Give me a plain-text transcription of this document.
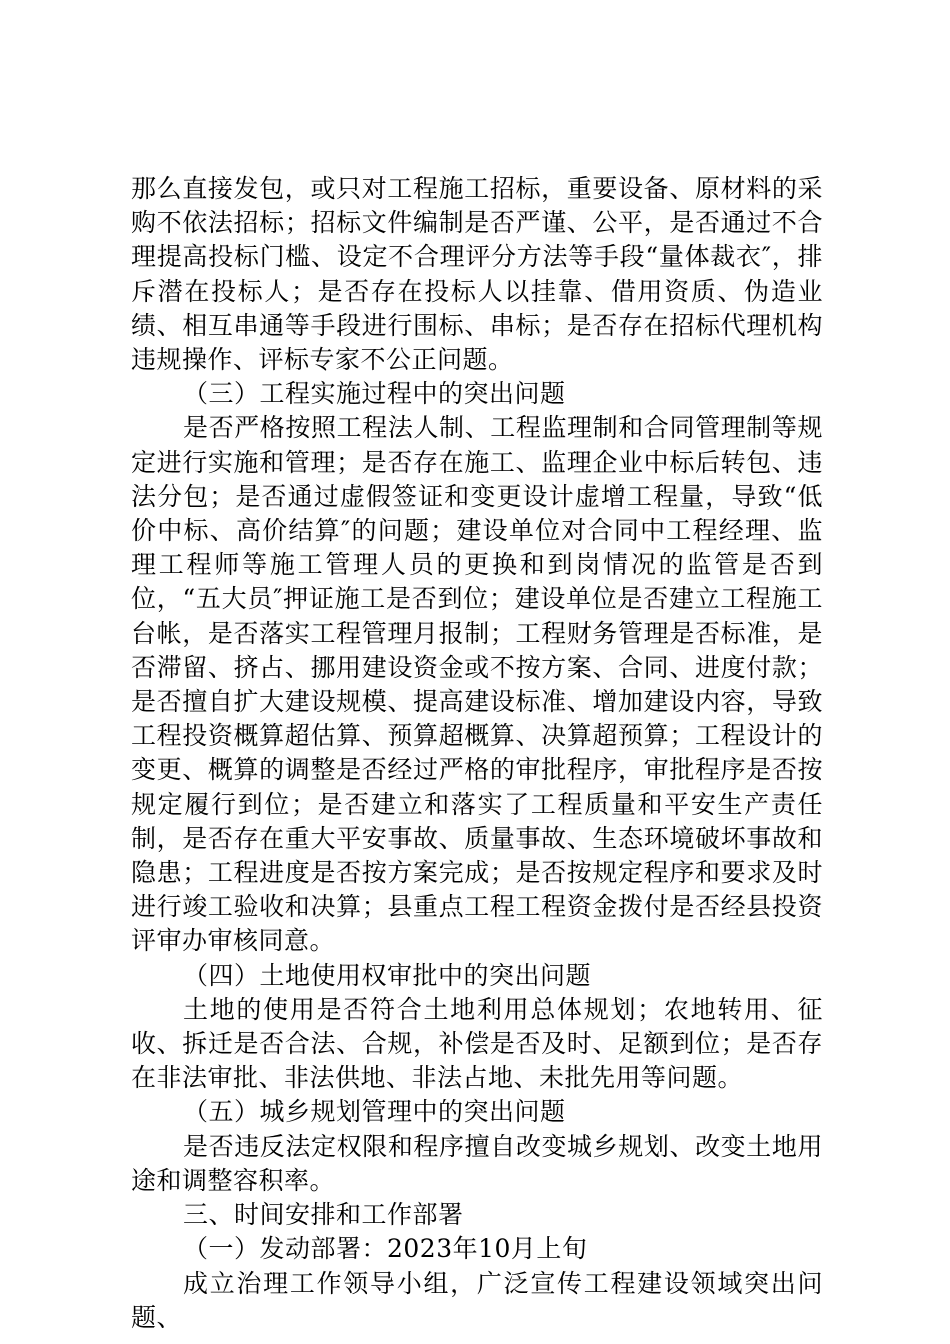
那么直接发包，或只对工程施工招标，重要设备、原材料的采购不依法招标；招标文件编制是否严谨、公平，是否通过不合理提高投标门槛、设定不合理评分方法等手段“量体裁衣″，排斥潜在投标人；是否存在投标人以挂靠、借用资质、伪造业绩、相互串通等手段进行围标、串标；是否存在招标代理机构违规操作、评标专家不公正问题。

（三）工程实施过程中的突出问题

是否严格按照工程法人制、工程监理制和合同管理制等规定进行实施和管理；是否存在施工、监理企业中标后转包、违法分包；是否通过虚假签证和变更设计虚增工程量，导致“低价中标、高价结算″的问题；建设单位对合同中工程经理、监理工程师等施工管理人员的更换和到岗情况的监管是否到位，“五大员″押证施工是否到位；建设单位是否建立工程施工台帐，是否落实工程管理月报制；工程财务管理是否标准，是否滞留、挤占、挪用建设资金或不按方案、合同、进度付款；是否擅自扩大建设规模、提高建设标准、增加建设内容，导致工程投资概算超估算、预算超概算、决算超预算；工程设计的变更、概算的调整是否经过严格的审批程序，审批程序是否按规定履行到位；是否建立和落实了工程质量和平安生产责任制，是否存在重大平安事故、质量事故、生态环境破坏事故和隐患；工程进度是否按方案完成；是否按规定程序和要求及时进行竣工验收和决算；县重点工程工程资金拨付是否经县投资评审办审核同意。

（四）土地使用权审批中的突出问题

土地的使用是否符合土地利用总体规划；农地转用、征收、拆迁是否合法、合规，补偿是否及时、足额到位；是否存在非法审批、非法供地、非法占地、未批先用等问题。

（五）城乡规划管理中的突出问题

是否违反法定权限和程序擅自改变城乡规划、改变土地用途和调整容积率。

三、时间安排和工作部署

（一）发动部署：2023年10月上旬

成立治理工作领导小组，广泛宣传工程建设领域突出问题、
